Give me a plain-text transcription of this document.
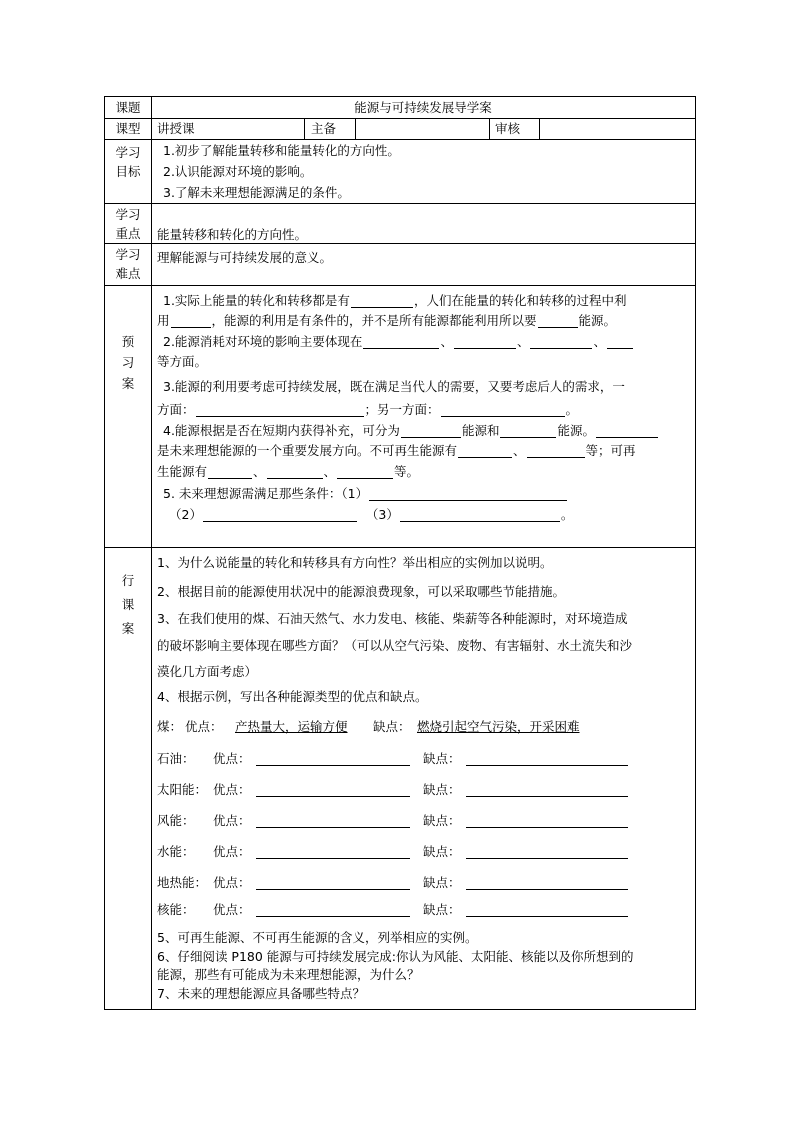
课题	能源与可持续发展导学案
课型	讲授课	主备	审核
学习
目标
1.初步了解能量转移和能量转化的方向性。
2.认识能源对环境的影响。
3.了解未来理想能源满足的条件。
学习
重点	能量转移和转化的方向性。
学习
难点
理解能源与可持续发展的意义。
预
习
案
1.实际上能量的转化和转移都是有	，人们在能量的转化和转移的过程中利
用	，能源的利用是有条件的，并不是所有能源都能利用所以要	能源。
2.能源消耗对环境的影响主要体现在	、	、	、
等方面。
3.能源的利用要考虑可持续发展，既在满足当代人的需要，又要考虑后人的需求，一
方面：	；另一方面：	。
4.能源根据是否在短期内获得补充，可分为	能源和	能源。
是未来理想能源的一个重要发展方向。不可再生能源有	、	等；可再
生能源有	、	、	等。
5. 未来理想源需满足那些条件：（1）
（2）	（3）	。
行
课
案
1、为什么说能量的转化和转移具有方向性？举出相应的实例加以说明。
2、根据目前的能源使用状况中的能源浪费现象，可以采取哪些节能措施。
3、在我们使用的煤、石油天然气、水力发电、核能、柴薪等各种能源时，对环境造成
的破坏影响主要体现在哪些方面？（可以从空气污染、废物、有害辐射、水土流失和沙
漠化几方面考虑）
4、根据示例，写出各种能源类型的优点和缺点。
煤： 优点： 产热量大，运输方便 缺点： 燃烧引起空气污染，开采困难
石油： 优点：	缺点：
太阳能： 优点：	缺点：
风能： 优点：	缺点：
水能： 优点：	缺点：
地热能： 优点：	缺点：
核能： 优点：	缺点：
5、可再生能源、不可再生能源的含义，列举相应的实例。
6、仔细阅读 P180 能源与可持续发展完成:你认为风能、太阳能、核能以及你所想到的
能源，那些有可能成为未来理想能源，为什么？
7、未来的理想能源应具备哪些特点？
